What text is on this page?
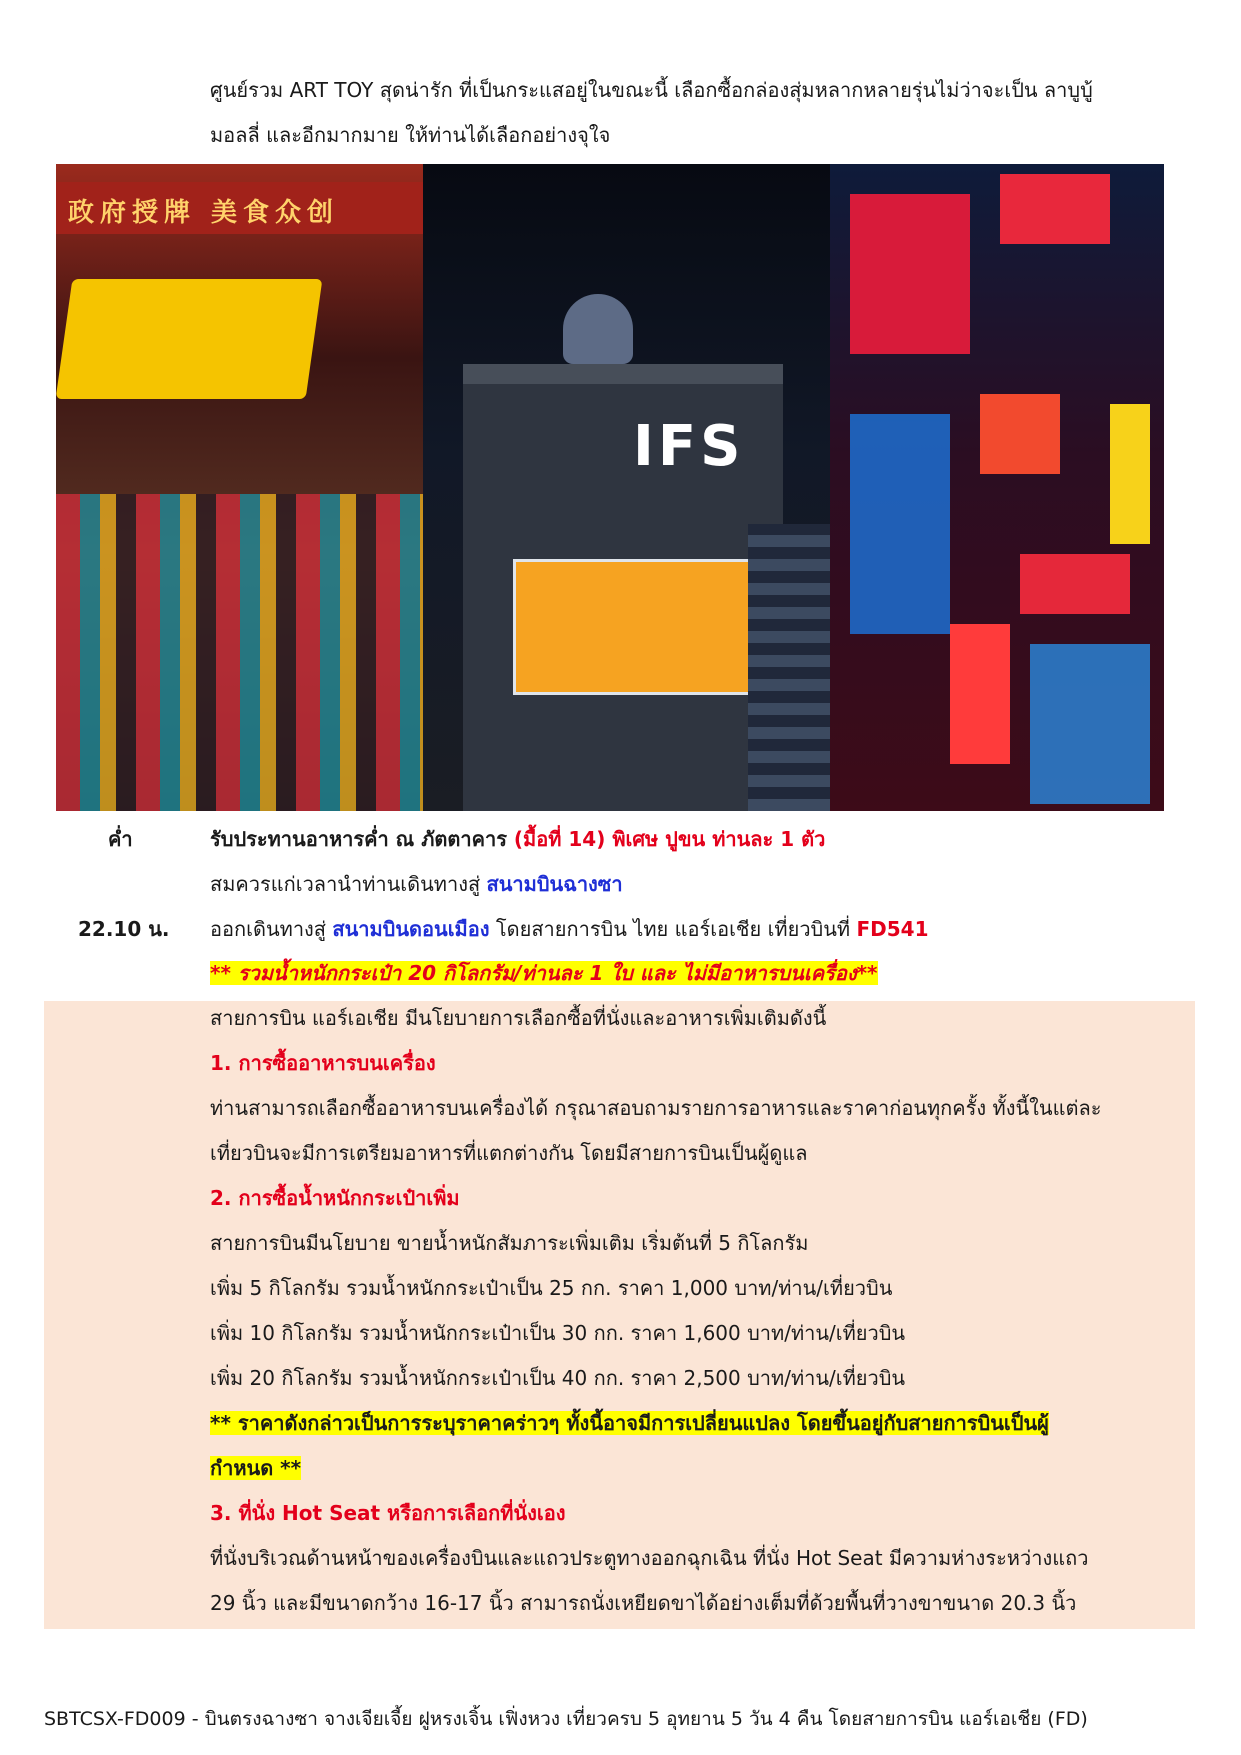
ศูนย์รวม ART TOY สุดน่ารัก ที่เป็นกระแสอยู่ในขณะนี้ เลือกซื้อกล่องสุ่มหลากหลายรุ่นไม่ว่าจะเป็น ลาบูบู้
มอลลี่ และอีกมากมาย ให้ท่านได้เลือกอย่างจุใจ
政府授牌 美食众创
IFS
ค่ำ	รับประทานอาหารค่ำ ณ ภัตตาคาร (มื้อที่ 14) พิเศษ ปูขน ท่านละ 1 ตัว
สมควรแก่เวลานำท่านเดินทางสู่ สนามบินฉางซา
22.10 น. ออกเดินทางสู่ สนามบินดอนเมือง โดยสายการบิน ไทย แอร์เอเชีย เที่ยวบินที่ FD541
** รวมน้ำหนักกระเป๋า 20 กิโลกรัม/ท่านละ 1 ใบ และ ไม่มีอาหารบนเครื่อง**
สายการบิน แอร์เอเชีย มีนโยบายการเลือกซื้อที่นั่งและอาหารเพิ่มเติมดังนี้
1. การซื้ออาหารบนเครื่อง
ท่านสามารถเลือกซื้ออาหารบนเครื่องได้ กรุณาสอบถามรายการอาหารและราคาก่อนทุกครั้ง ทั้งนี้ในแต่ละ
เที่ยวบินจะมีการเตรียมอาหารที่แตกต่างกัน โดยมีสายการบินเป็นผู้ดูแล
2. การซื้อน้ำหนักกระเป๋าเพิ่ม
สายการบินมีนโยบาย ขายน้ำหนักสัมภาระเพิ่มเติม เริ่มต้นที่ 5 กิโลกรัม
เพิ่ม 5 กิโลกรัม รวมน้ำหนักกระเป๋าเป็น 25 กก. ราคา 1,000 บาท/ท่าน/เที่ยวบิน
เพิ่ม 10 กิโลกรัม รวมน้ำหนักกระเป๋าเป็น 30 กก. ราคา 1,600 บาท/ท่าน/เที่ยวบิน
เพิ่ม 20 กิโลกรัม รวมน้ำหนักกระเป๋าเป็น 40 กก. ราคา 2,500 บาท/ท่าน/เที่ยวบิน
** ราคาดังกล่าวเป็นการระบุราคาคร่าวๆ ทั้งนี้อาจมีการเปลี่ยนแปลง โดยขึ้นอยู่กับสายการบินเป็นผู้
กำหนด **
3. ที่นั่ง Hot Seat หรือการเลือกที่นั่งเอง
ที่นั่งบริเวณด้านหน้าของเครื่องบินและแถวประตูทางออกฉุกเฉิน ที่นั่ง Hot Seat มีความห่างระหว่างแถว
29 นิ้ว และมีขนาดกว้าง 16-17 นิ้ว สามารถนั่งเหยียดขาได้อย่างเต็มที่ด้วยพื้นที่วางขาขนาด 20.3 นิ้ว
SBTCSX-FD009 - บินตรงฉางซา จางเจียเจี้ย ฝูหรงเจิ้น เฟิ่งหวง เที่ยวครบ 5 อุทยาน 5 วัน 4 คืน โดยสายการบิน แอร์เอเชีย (FD)
